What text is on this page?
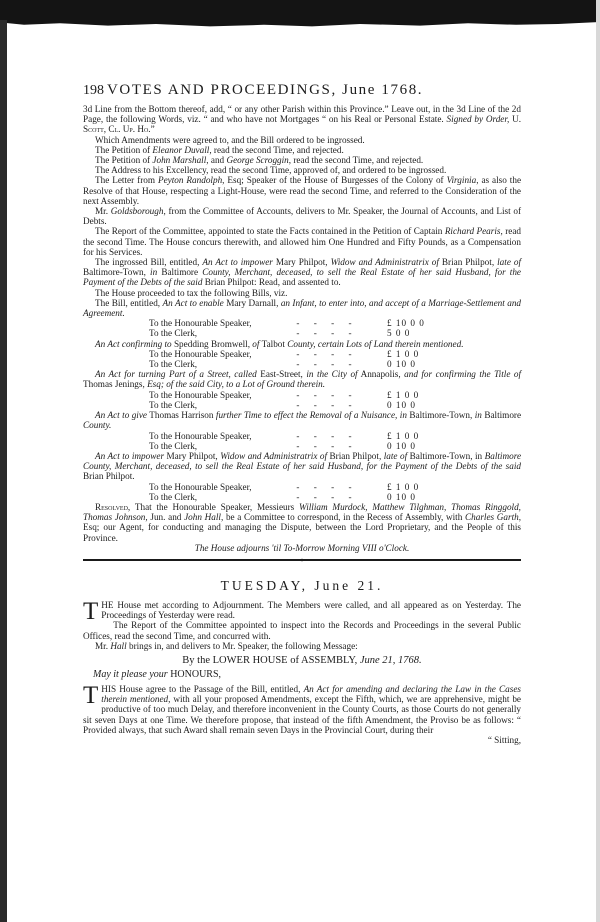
198 VOTES AND PROCEEDINGS, June 1768.

3d Line from the Bottom thereof, add, “ or any other Parish within this Province.” Leave out, in the 3d Line of the 2d Page, the following Words, viz. “ and who have not Mortgages “ on his Real or Personal Estate. Signed by Order, U. Scott, Cl. Up. Ho.”

Which Amendments were agreed to, and the Bill ordered to be ingrossed.

The Petition of Eleanor Duvall, read the second Time, and rejected.

The Petition of John Marshall, and George Scroggin, read the second Time, and rejected.

The Address to his Excellency, read the second Time, approved of, and ordered to be ingrossed.

The Letter from Peyton Randolph, Esq; Speaker of the House of Burgesses of the Colony of Virginia, as also the Resolve of that House, respecting a Light-House, were read the second Time, and referred to the Consideration of the next Assembly.

Mr. Goldsborough, from the Committee of Accounts, delivers to Mr. Speaker, the Journal of Accounts, and List of Debts.

The Report of the Committee, appointed to state the Facts contained in the Petition of Captain Richard Pearis, read the second Time. The House concurs therewith, and allowed him One Hundred and Fifty Pounds, as a Compensation for his Services.

The ingrossed Bill, entitled, An Act to impower Mary Philpot, Widow and Administratrix of Brian Philpot, late of Baltimore-Town, in Baltimore County, Merchant, deceased, to sell the Real Estate of her said Husband, for the Payment of the Debts of the said Brian Philpot: Read, and assented to.

The House proceeded to tax the following Bills, viz.

The Bill, entitled, An Act to enable Mary Darnall, an Infant, to enter into, and accept of a Marriage-Settlement and Agreement.

To the Honourable Speaker,	- - - -	£ 10 0 0
To the Clerk,	- - - -	5 0 0

An Act confirming to Spedding Bromwell, of Talbot County, certain Lots of Land therein mentioned.

To the Honourable Speaker,	- - - -	£ 1 0 0
To the Clerk,	- - - -	0 10 0

An Act for turning Part of a Street, called East-Street, in the City of Annapolis, and for confirming the Title of Thomas Jenings, Esq; of the said City, to a Lot of Ground therein.

To the Honourable Speaker,	- - - -	£ 1 0 0
To the Clerk,	- - - -	0 10 0

An Act to give Thomas Harrison further Time to effect the Removal of a Nuisance, in Baltimore-Town, in Baltimore County.

To the Honourable Speaker,	- - - -	£ 1 0 0
To the Clerk,	- - - -	0 10 0

An Act to impower Mary Philpot, Widow and Administratrix of Brian Philpot, late of Baltimore-Town, in Baltimore County, Merchant, deceased, to sell the Real Estate of her said Husband, for the Payment of the Debts of the said Brian Philpot.

To the Honourable Speaker,	- - - -	£ 1 0 0
To the Clerk,	- - - -	0 10 0

Resolved, That the Honourable Speaker, Messieurs William Murdock, Matthew Tilghman, Thomas Ringgold, Thomas Johnson, Jun. and John Hall, be a Committee to correspond, in the Recess of Assembly, with Charles Garth, Esq; our Agent, for conducting and managing the Dispute, between the Lord Proprietary, and the People of this Province.

The House adjourns 'til To-Morrow Morning VIII o'Clock.

*
TUESDAY, June 21.

THE House met according to Adjournment. The Members were called, and all appeared as on Yesterday. The Proceedings of Yesterday were read.

The Report of the Committee appointed to inspect into the Records and Proceedings in the several Public Offices, read the second Time, and concurred with.

Mr. Hall brings in, and delivers to Mr. Speaker, the following Message:

By the LOWER HOUSE of ASSEMBLY, June 21, 1768.
May it please your HONOURS,

THIS House agree to the Passage of the Bill, entitled, An Act for amending and declaring the Law in the Cases therein mentioned, with all your proposed Amendments, except the Fifth, which, we are apprehensive, might be productive of too much Delay, and therefore inconvenient in the County Courts, as those Courts do not generally sit seven Days at one Time. We therefore propose, that instead of the fifth Amendment, the Proviso be as follows: “ Provided always, that such Award shall remain seven Days in the Provincial Court, during their

“ Sitting,
